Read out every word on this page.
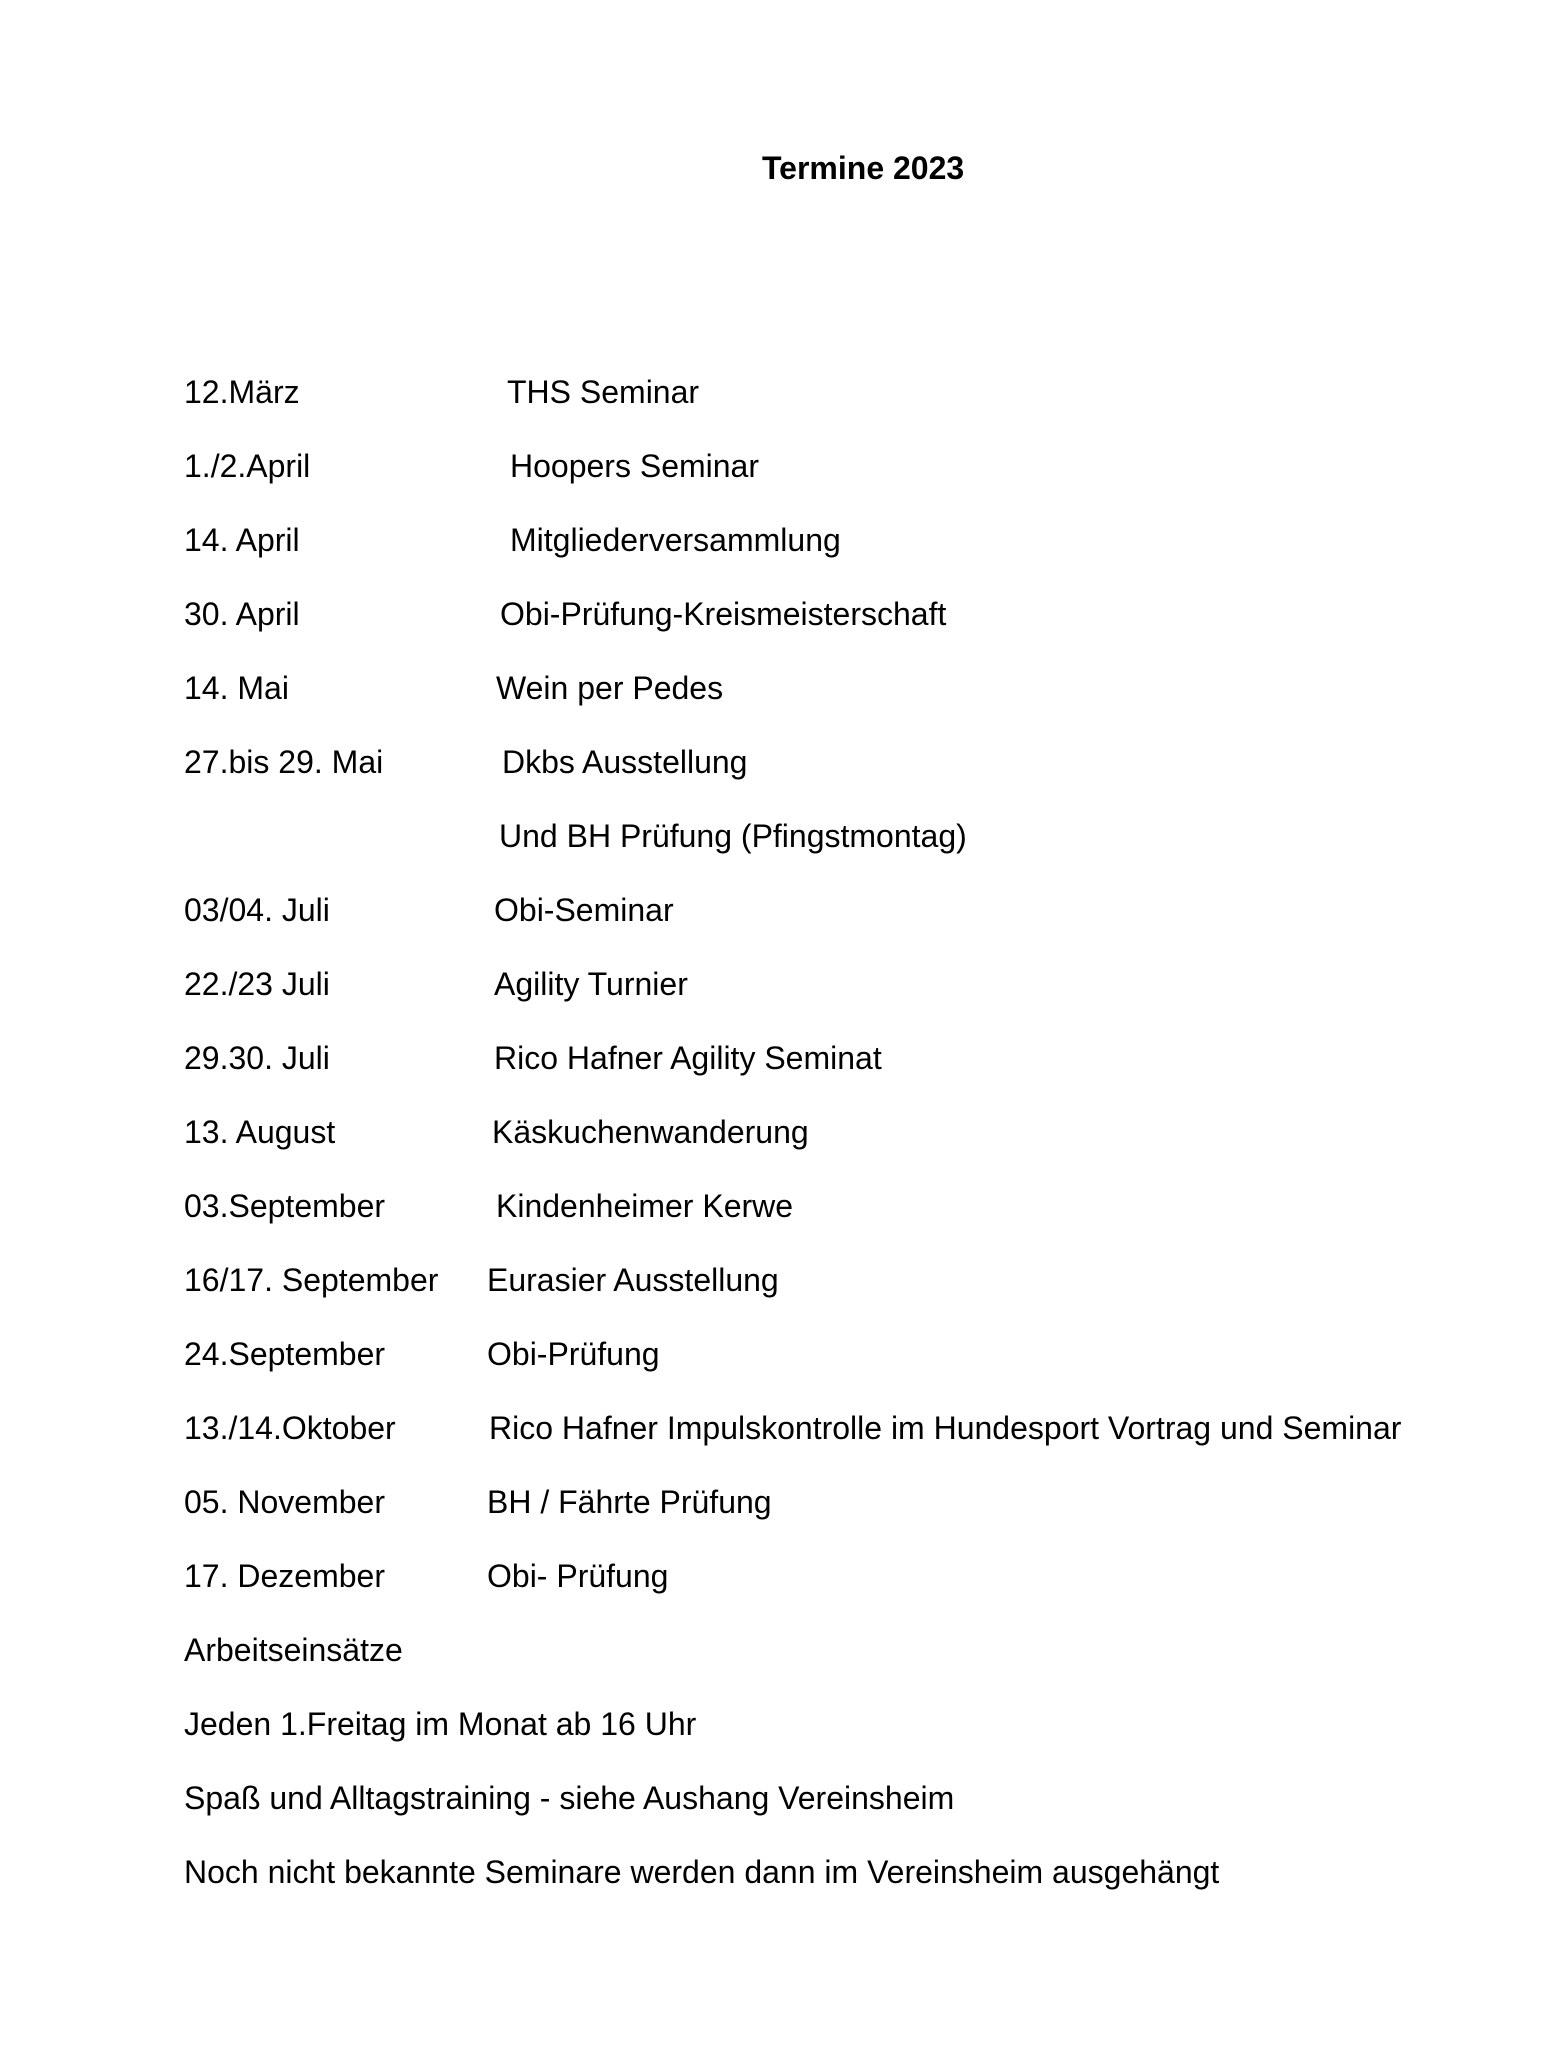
Termine 2023
12.März	THS Seminar
1./2.April	Hoopers Seminar
14. April	Mitgliederversammlung
30. April	Obi-Prüfung-Kreismeisterschaft
14. Mai	Wein per Pedes
27.bis 29. Mai	Dkbs Ausstellung
Und BH Prüfung (Pfingstmontag)
03/04. Juli	Obi-Seminar
22./23 Juli	Agility Turnier
29.30. Juli	Rico Hafner Agility Seminat
13. August	Käskuchenwanderung
03.September	Kindenheimer Kerwe
16/17. September Eurasier Ausstellung
24.September	Obi-Prüfung
13./14.Oktober	Rico Hafner Impulskontrolle im Hundesport Vortrag und Seminar
05. November	BH / Fährte Prüfung
17. Dezember	Obi- Prüfung
Arbeitseinsätze
Jeden 1.Freitag im Monat ab 16 Uhr
Spaß und Alltagstraining - siehe Aushang Vereinsheim
Noch nicht bekannte Seminare werden dann im Vereinsheim ausgehängt
